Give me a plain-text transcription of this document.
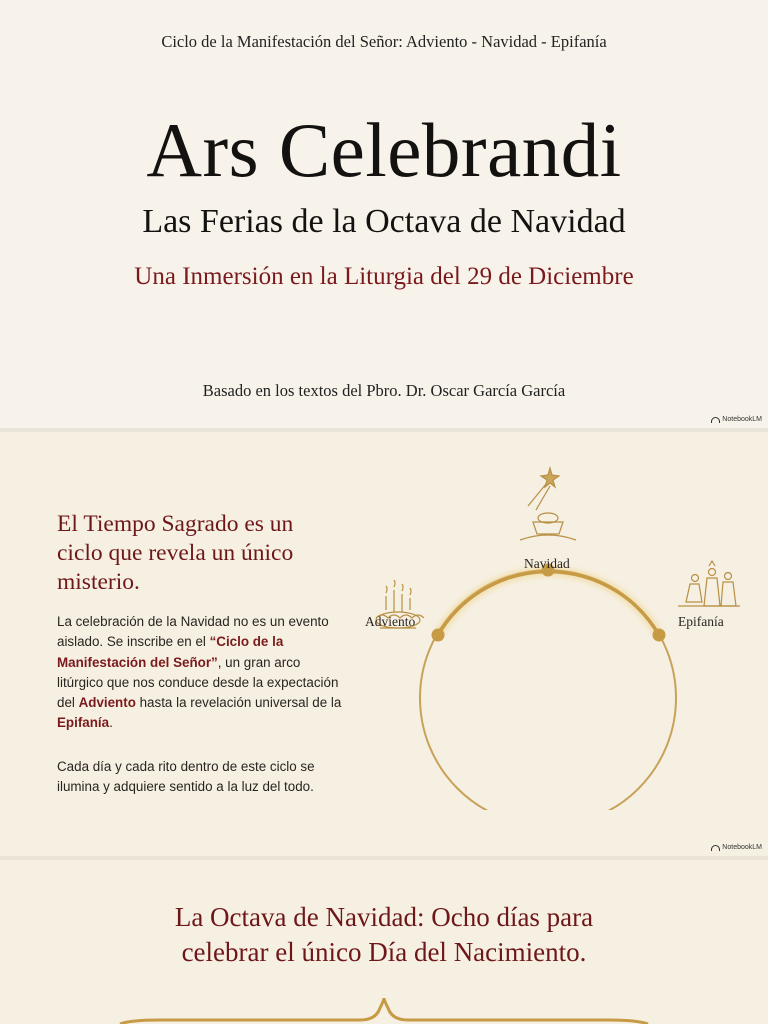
Ciclo de la Manifestación del Señor: Adviento - Navidad - Epifanía
Ars Celebrandi
Las Ferias de la Octava de Navidad
Una Inmersión en la Liturgia del 29 de Diciembre
Basado en los textos del Pbro. Dr. Oscar García García
NotebookLM
El Tiempo Sagrado es un ciclo que revela un único misterio.
La celebración de la Navidad no es un evento aislado. Se inscribe en el “Ciclo de la Manifestación del Señor”, un gran arco litúrgico que nos conduce desde la expectación del Adviento hasta la revelación universal de la Epifanía.
Cada día y cada rito dentro de este ciclo se ilumina y adquiere sentido a la luz del todo.
Navidad
Adviento	Epifanía
NotebookLM
La Octava de Navidad: Ocho días para
celebrar el único Día del Nacimiento.
